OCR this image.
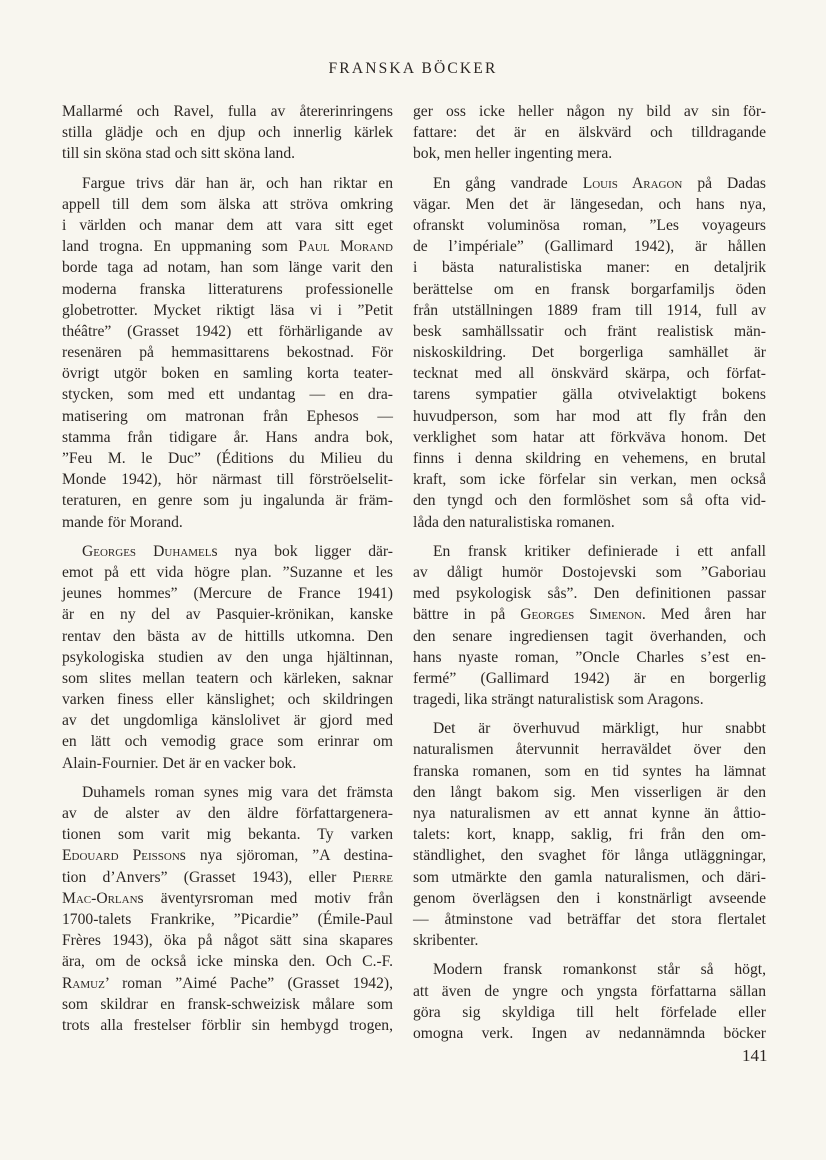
FRANSKA BÖCKER
Mallarmé och Ravel, fulla av återerinringens
stilla glädje och en djup och innerlig kärlek
till sin sköna stad och sitt sköna land.
Fargue trivs där han är, och han riktar en
appell till dem som älska att ströva omkring
i världen och manar dem att vara sitt eget
land trogna. En uppmaning som Paul Morand
borde taga ad notam, han som länge varit den
moderna franska litteraturens professionelle
globetrotter. Mycket riktigt läsa vi i ”Petit
théâtre” (Grasset 1942) ett förhärligande av
resenären på hemmasittarens bekostnad. För
övrigt utgör boken en samling korta teater-
stycken, som med ett undantag — en dra-
matisering om matronan från Ephesos —
stamma från tidigare år. Hans andra bok,
”Feu M. le Duc” (Éditions du Milieu du
Monde 1942), hör närmast till förströelselit-
teraturen, en genre som ju ingalunda är främ-
mande för Morand.
Georges Duhamels nya bok ligger där-
emot på ett vida högre plan. ”Suzanne et les
jeunes hommes” (Mercure de France 1941)
är en ny del av Pasquier-krönikan, kanske
rentav den bästa av de hittills utkomna. Den
psykologiska studien av den unga hjältinnan,
som slites mellan teatern och kärleken, saknar
varken finess eller känslighet; och skildringen
av det ungdomliga känslolivet är gjord med
en lätt och vemodig grace som erinrar om
Alain-Fournier. Det är en vacker bok.
Duhamels roman synes mig vara det främsta
av de alster av den äldre författargenera-
tionen som varit mig bekanta. Ty varken
Edouard Peissons nya sjöroman, ”A destina-
tion d’Anvers” (Grasset 1943), eller Pierre
Mac-Orlans äventyrsroman med motiv från
1700-talets Frankrike, ”Picardie” (Émile-Paul
Frères 1943), öka på något sätt sina skapares
ära, om de också icke minska den. Och C.-F.
Ramuz’ roman ”Aimé Pache” (Grasset 1942),
som skildrar en fransk-schweizisk målare som
trots alla frestelser förblir sin hembygd trogen,
ger oss icke heller någon ny bild av sin för-
fattare: det är en älskvärd och tilldragande
bok, men heller ingenting mera.
En gång vandrade Louis Aragon på Dadas
vägar. Men det är längesedan, och hans nya,
ofranskt voluminösa roman, ”Les voyageurs
de l’impériale” (Gallimard 1942), är hållen
i bästa naturalistiska maner: en detaljrik
berättelse om en fransk borgarfamiljs öden
från utställningen 1889 fram till 1914, full av
besk samhällssatir och fränt realistisk män-
niskoskildring. Det borgerliga samhället är
tecknat med all önskvärd skärpa, och förfat-
tarens sympatier gälla otvivelaktigt bokens
huvudperson, som har mod att fly från den
verklighet som hatar att förkväva honom. Det
finns i denna skildring en vehemens, en brutal
kraft, som icke förfelar sin verkan, men också
den tyngd och den formlöshet som så ofta vid-
låda den naturalistiska romanen.
En fransk kritiker definierade i ett anfall
av dåligt humör Dostojevski som ”Gaboriau
med psykologisk sås”. Den definitionen passar
bättre in på Georges Simenon. Med åren har
den senare ingrediensen tagit överhanden, och
hans nyaste roman, ”Oncle Charles s’est en-
fermé” (Gallimard 1942) är en borgerlig
tragedi, lika strängt naturalistisk som Aragons.
Det är överhuvud märkligt, hur snabbt
naturalismen återvunnit herraväldet över den
franska romanen, som en tid syntes ha lämnat
den långt bakom sig. Men visserligen är den
nya naturalismen av ett annat kynne än åttio-
talets: kort, knapp, saklig, fri från den om-
ständlighet, den svaghet för långa utläggningar,
som utmärkte den gamla naturalismen, och däri-
genom överlägsen den i konstnärligt avseende
— åtminstone vad beträffar det stora flertalet
skribenter.
Modern fransk romankonst står så högt,
att även de yngre och yngsta författarna sällan
göra sig skyldiga till helt förfelade eller
omogna verk. Ingen av nedannämnda böcker
141
